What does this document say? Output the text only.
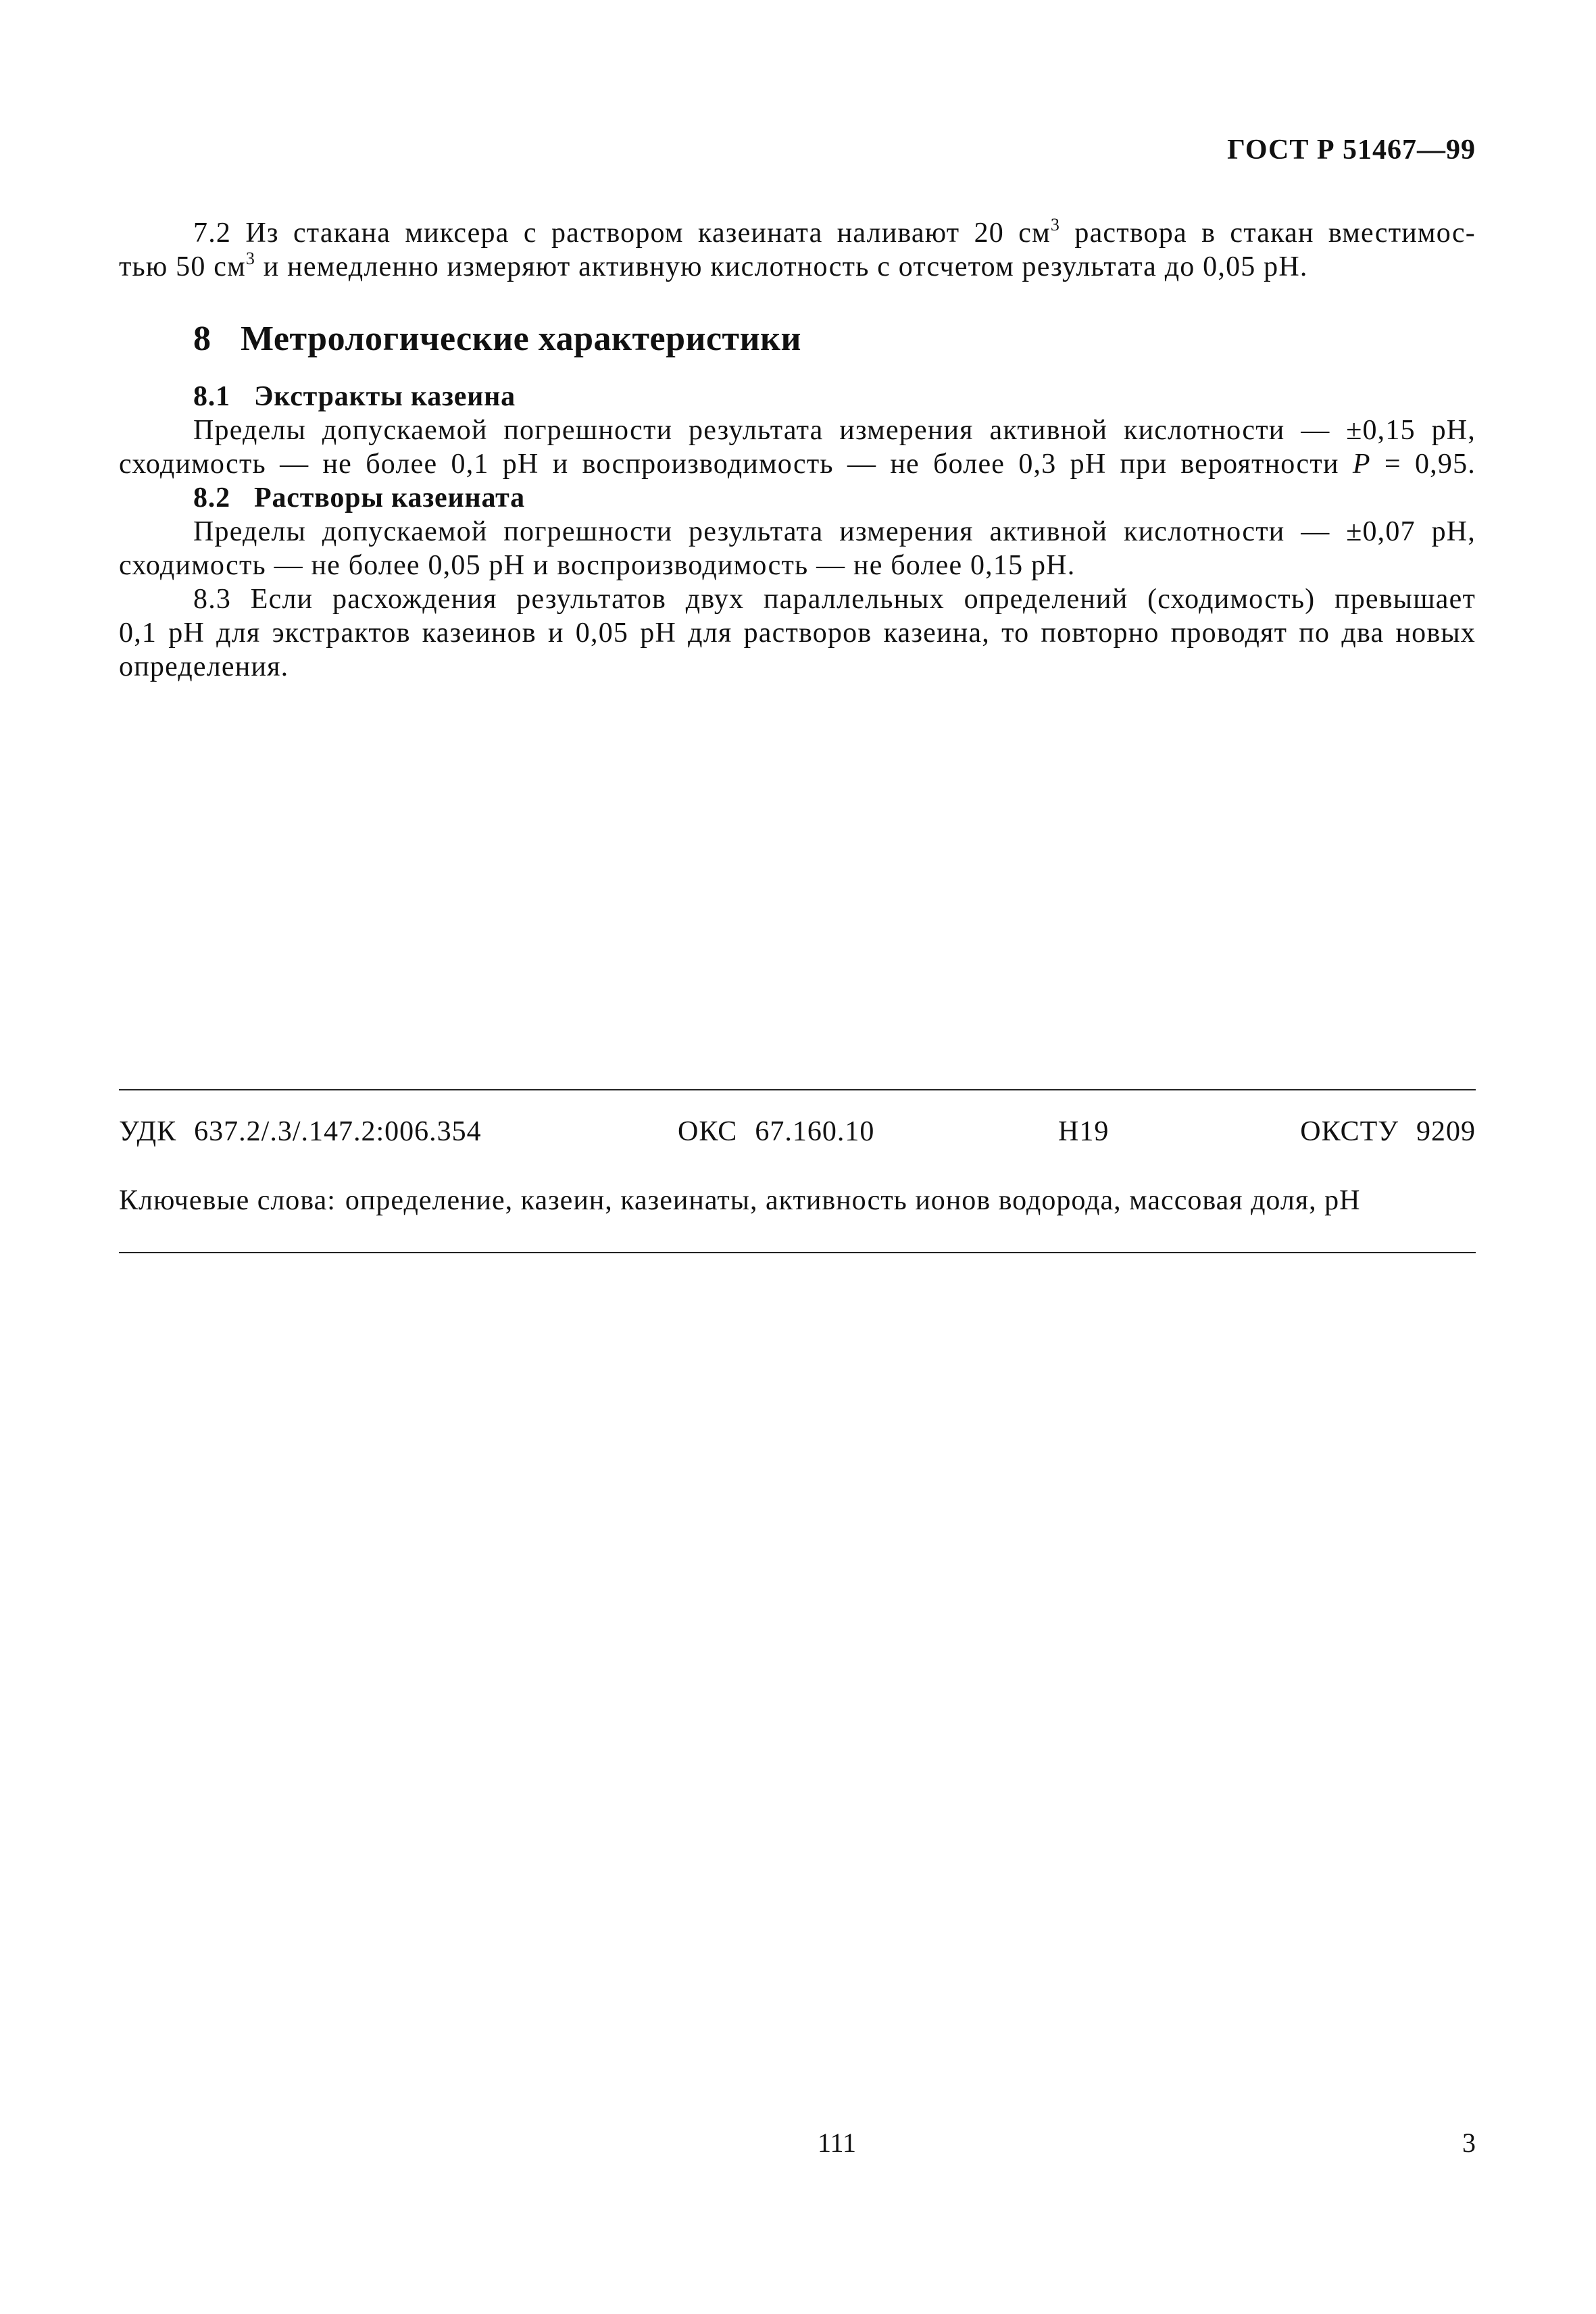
ГОСТ Р 51467—99

7.2 Из стакана миксера с раствором казеината наливают 20 $см^3$ раствора в стакан вместимос-
тью 50 $см^3$ и немедленно измеряют активную кислотность с отсчетом результата до 0,05 pH.

8 Метрологические характеристики
8.1 Экстракты казеина

Пределы допускаемой погрешности результата измерения активной кислотности — ±0,15 pH,
сходимость — не более 0,1 pH и воспроизводимость — не более 0,3 pH при вероятности P = 0,95.

8.2 Растворы казеината

Пределы допускаемой погрешности результата измерения активной кислотности — ±0,07 pH,
сходимость — не более 0,05 pH и воспроизводимость — не более 0,15 pH.

8.3 Если расхождения результатов двух параллельных определений (сходимость) превышает
0,1 pH для экстрактов казеинов и 0,05 pH для растворов казеина, то повторно проводят по два новых
определения.

УДК 637.2/.3/.147.2:006.354	ОКС 67.160.10	Н19	ОКСТУ 9209
Ключевые слова: определение, казеин, казеинаты, активность ионов водорода, массовая доля, pH
111	3
